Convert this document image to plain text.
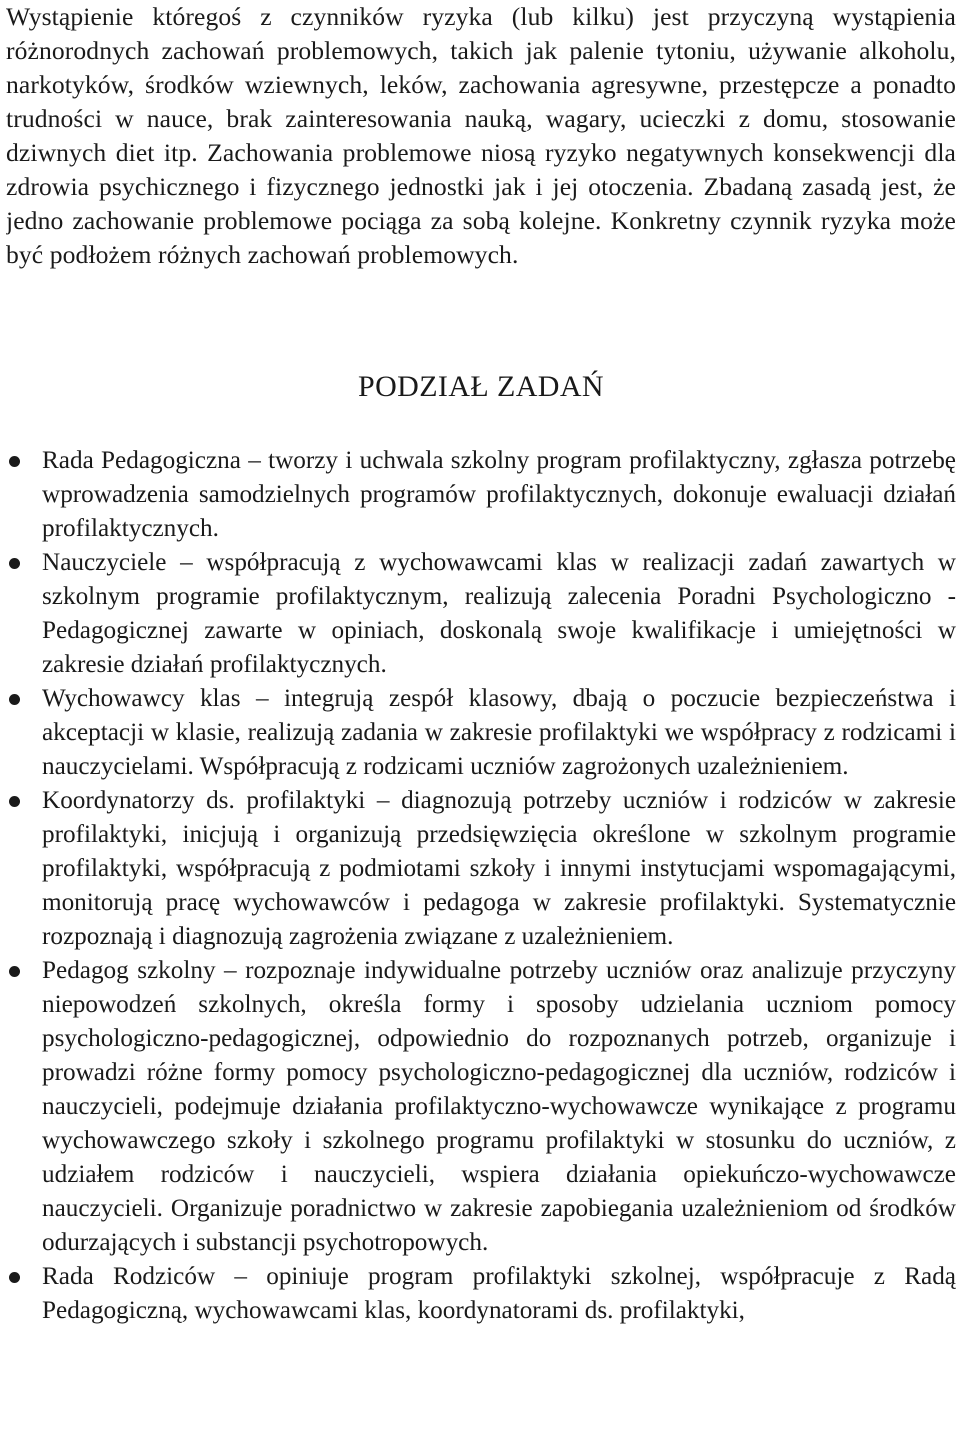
Wystąpienie któregoś z czynników ryzyka (lub kilku) jest przyczyną wystąpienia różnorodnych zachowań problemowych, takich jak palenie tytoniu, używanie alkoholu, narkotyków, środków wziewnych, leków, zachowania agresywne, przestępcze a ponadto trudności w nauce, brak zainteresowania nauką, wagary, ucieczki z domu, stosowanie dziwnych diet itp. Zachowania problemowe niosą ryzyko negatywnych konsekwencji dla zdrowia psychicznego i fizycznego jednostki jak i jej otoczenia. Zbadaną zasadą jest, że jedno zachowanie problemowe pociąga za sobą kolejne. Konkretny czynnik ryzyka może być podłożem różnych zachowań problemowych.

PODZIAŁ ZADAŃ
Rada Pedagogiczna – tworzy i uchwala szkolny program profilaktyczny, zgłasza potrzebę wprowadzenia samodzielnych programów profilaktycznych, dokonuje ewaluacji działań profilaktycznych.
Nauczyciele – współpracują z wychowawcami klas w realizacji zadań zawartych w szkolnym programie profilaktycznym, realizują zalecenia Poradni Psychologiczno - Pedagogicznej zawarte w opiniach, doskonalą swoje kwalifikacje i umiejętności w zakresie działań profilaktycznych.
Wychowawcy klas – integrują zespół klasowy, dbają o poczucie bezpieczeństwa i akceptacji w klasie, realizują zadania w zakresie profilaktyki we współpracy z rodzicami i nauczycielami. Współpracują z rodzicami uczniów zagrożonych uzależnieniem.
Koordynatorzy ds. profilaktyki – diagnozują potrzeby uczniów i rodziców w zakresie profilaktyki, inicjują i organizują przedsięwzięcia określone w szkolnym programie profilaktyki, współpracują z podmiotami szkoły i innymi instytucjami wspomagającymi, monitorują pracę wychowawców i pedagoga w zakresie profilaktyki. Systematycznie rozpoznają i diagnozują zagrożenia związane z uzależnieniem.
Pedagog szkolny – rozpoznaje indywidualne potrzeby uczniów oraz analizuje przyczyny niepowodzeń szkolnych, określa formy i sposoby udzielania uczniom pomocy psychologiczno-pedagogicznej, odpowiednio do rozpoznanych potrzeb, organizuje i prowadzi różne formy pomocy psychologiczno-pedagogicznej dla uczniów, rodziców i nauczycieli, podejmuje działania profilaktyczno-wychowawcze wynikające z programu wychowawczego szkoły i szkolnego programu profilaktyki w stosunku do uczniów, z udziałem rodziców i nauczycieli, wspiera działania opiekuńczo-wychowawcze nauczycieli. Organizuje poradnictwo w zakresie zapobiegania uzależnieniom od środków odurzających i substancji psychotropowych.
Rada Rodziców – opiniuje program profilaktyki szkolnej, współpracuje z Radą Pedagogiczną, wychowawcami klas, koordynatorami ds. profilaktyki,
